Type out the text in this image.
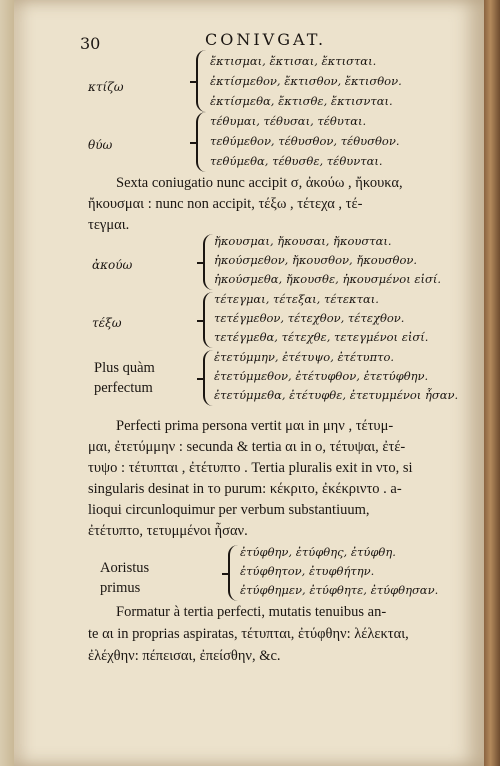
30	CONIVGAT.
κτίζω
ἔκτισμαι, ἔκτισαι, ἔκτισται.
ἐκτίσμεθον, ἔκτισθον, ἔκτισθον.
ἐκτίσμεθα, ἔκτισθε, ἔκτισνται.
θύω
τέθυμαι, τέθυσαι, τέθυται.
τεθύμεθον, τέθυσθον, τέθυσθον.
τεθύμεθα, τέθυσθε, τέθυνται.
Sexta coniugatio nunc accipit σ, ἀκούω , ἤκουκα,
ἤκουσμαι : nunc non accipit, τέξω , τέτεχα , τέ-
τεγμαι.
ἀκούω
ἤκουσμαι, ἤκουσαι, ἤκουσται.
ἠκούσμεθον, ἤκουσθον, ἤκουσθον.
ἠκούσμεθα, ἤκουσθε, ἠκουσμένοι εἰσί.
τέξω
τέτεγμαι, τέτεξαι, τέτεκται.
τετέγμεθον, τέτεχθον, τέτεχθον.
τετέγμεθα, τέτεχθε, τετεγμένοι εἰσί.
Plus quàm
perfectum
ἐτετύμμην, ἐτέτυψο, ἐτέτυπτο.
ἐτετύμμεθον, ἐτέτυφθον, ἐτετύφθην.
ἐτετύμμεθα, ἐτέτυφθε, ἐτετυμμένοι ἦσαν.
Perfecti prima persona vertit μαι in μην , τέτυμ-
μαι, ἐτετύμμην : secunda & tertia αι in ο, τέτυψαι, ἐτέ-
τυψο : τέτυπται , ἐτέτυπτο . Tertia pluralis exit in ντο, si
singularis desinat in το purum: κέκριτο, ἐκέκριντο . a-
lioqui circunloquimur per verbum substantiuum,
ἐτέτυπτο, τετυμμένοι ἦσαν.
Aoristus
primus
ἐτύφθην, ἐτύφθης, ἐτύφθη.
ἐτύφθητον, ἐτυφθήτην.
ἐτύφθημεν, ἐτύφθητε, ἐτύφθησαν.
Formatur à tertia perfecti, mutatis tenuibus an-
te αι in proprias aspiratas, τέτυπται, ἐτύφθην: λέλεκται,
ἐλέχθην: πέπεισαι, ἐπείσθην, &c.
